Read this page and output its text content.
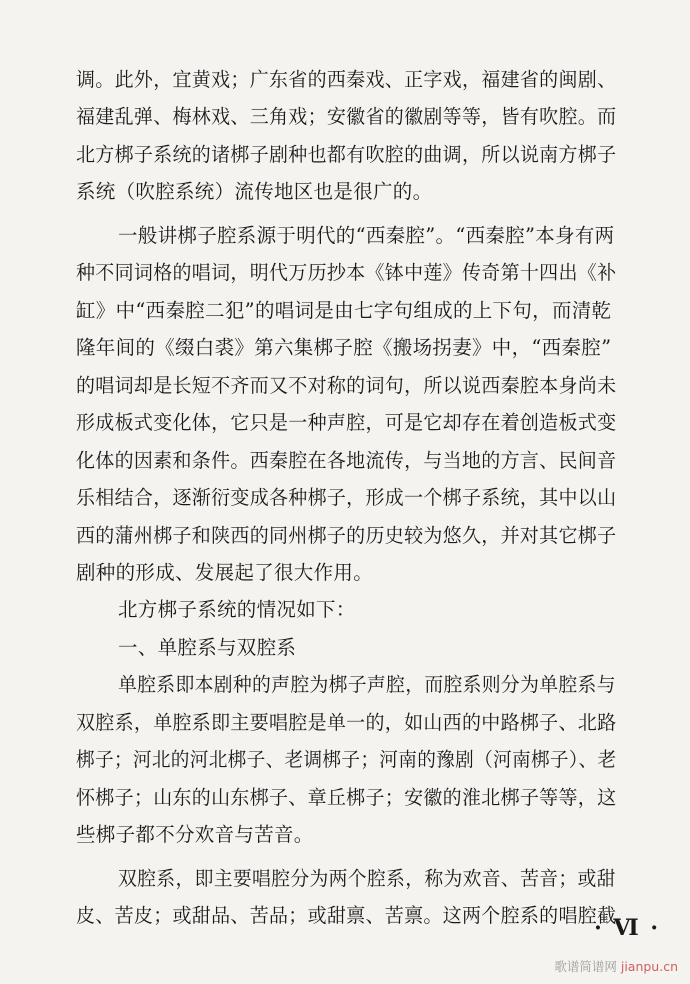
调。此外，宜黄戏；广东省的西秦戏、正字戏，福建省的闽剧、
福建乱弹、梅林戏、三角戏；安徽省的徽剧等等，皆有吹腔。而
北方梆子系统的诸梆子剧种也都有吹腔的曲调，所以说南方梆子
系统（吹腔系统）流传地区也是很广的。
一般讲梆子腔系源于明代的“西秦腔”。“西秦腔”本身有两
种不同词格的唱词，明代万历抄本《钵中莲》传奇第十四出《补
缸》中“西秦腔二犯”的唱词是由七字句组成的上下句，而清乾
隆年间的《缀白裘》第六集梆子腔《搬场拐妻》中，“西秦腔”
的唱词却是长短不齐而又不对称的词句，所以说西秦腔本身尚未
形成板式变化体，它只是一种声腔，可是它却存在着创造板式变
化体的因素和条件。西秦腔在各地流传，与当地的方言、民间音
乐相结合，逐渐衍变成各种梆子，形成一个梆子系统，其中以山
西的蒲州梆子和陕西的同州梆子的历史较为悠久，并对其它梆子
剧种的形成、发展起了很大作用。
北方梆子系统的情况如下：
一、单腔系与双腔系
单腔系即本剧种的声腔为梆子声腔，而腔系则分为单腔系与
双腔系，单腔系即主要唱腔是单一的，如山西的中路梆子、北路
梆子；河北的河北梆子、老调梆子；河南的豫剧（河南梆子）、老
怀梆子；山东的山东梆子、章丘梆子；安徽的淮北梆子等等，这
些梆子都不分欢音与苦音。
双腔系，即主要唱腔分为两个腔系，称为欢音、苦音；或甜
皮、苦皮；或甜品、苦品；或甜禀、苦禀。这两个腔系的唱腔截
· Ⅵ ·
歌谱简谱网 jianpu.cn
